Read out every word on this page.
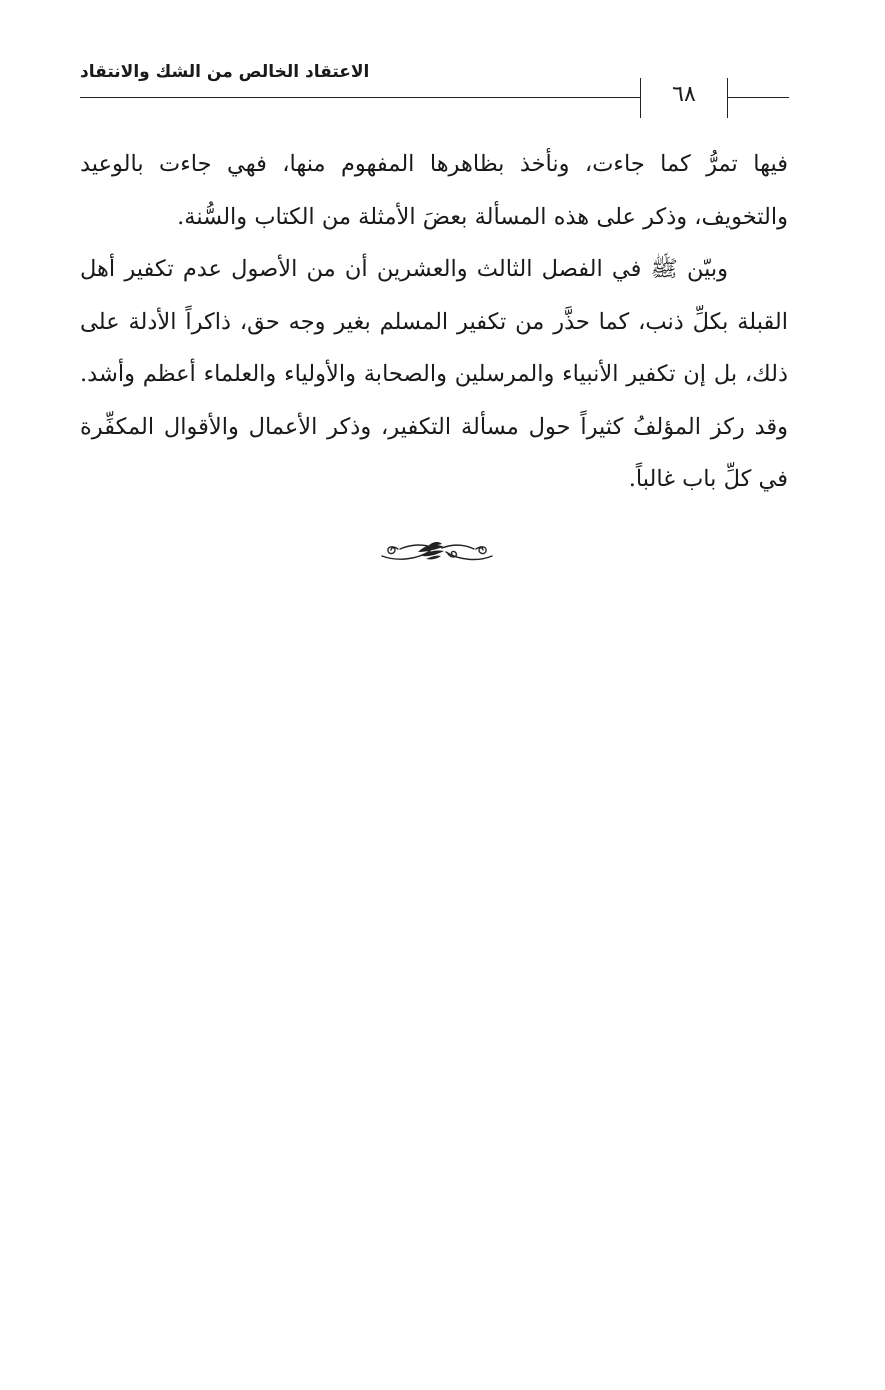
الاعتقاد الخالص من الشك والانتقاد
٦٨

فيها تمرُّ كما جاءت، ونأخذ بظاهرها المفهوم منها، فهي جاءت بالوعيد والتخويف، وذكر على هذه المسألة بعضَ الأمثلة من الكتاب والسُّنة.

وبيّن ﷺ في الفصل الثالث والعشرين أن من الأصول عدم تكفير أهل القبلة بكلِّ ذنب، كما حذَّر من تكفير المسلم بغير وجه حق، ذاكراً الأدلة على ذلك، بل إن تكفير الأنبياء والمرسلين والصحابة والأولياء والعلماء أعظم وأشد. وقد ركز المؤلفُ كثيراً حول مسألة التكفير، وذكر الأعمال والأقوال المكفِّرة في كلِّ باب غالباً.
